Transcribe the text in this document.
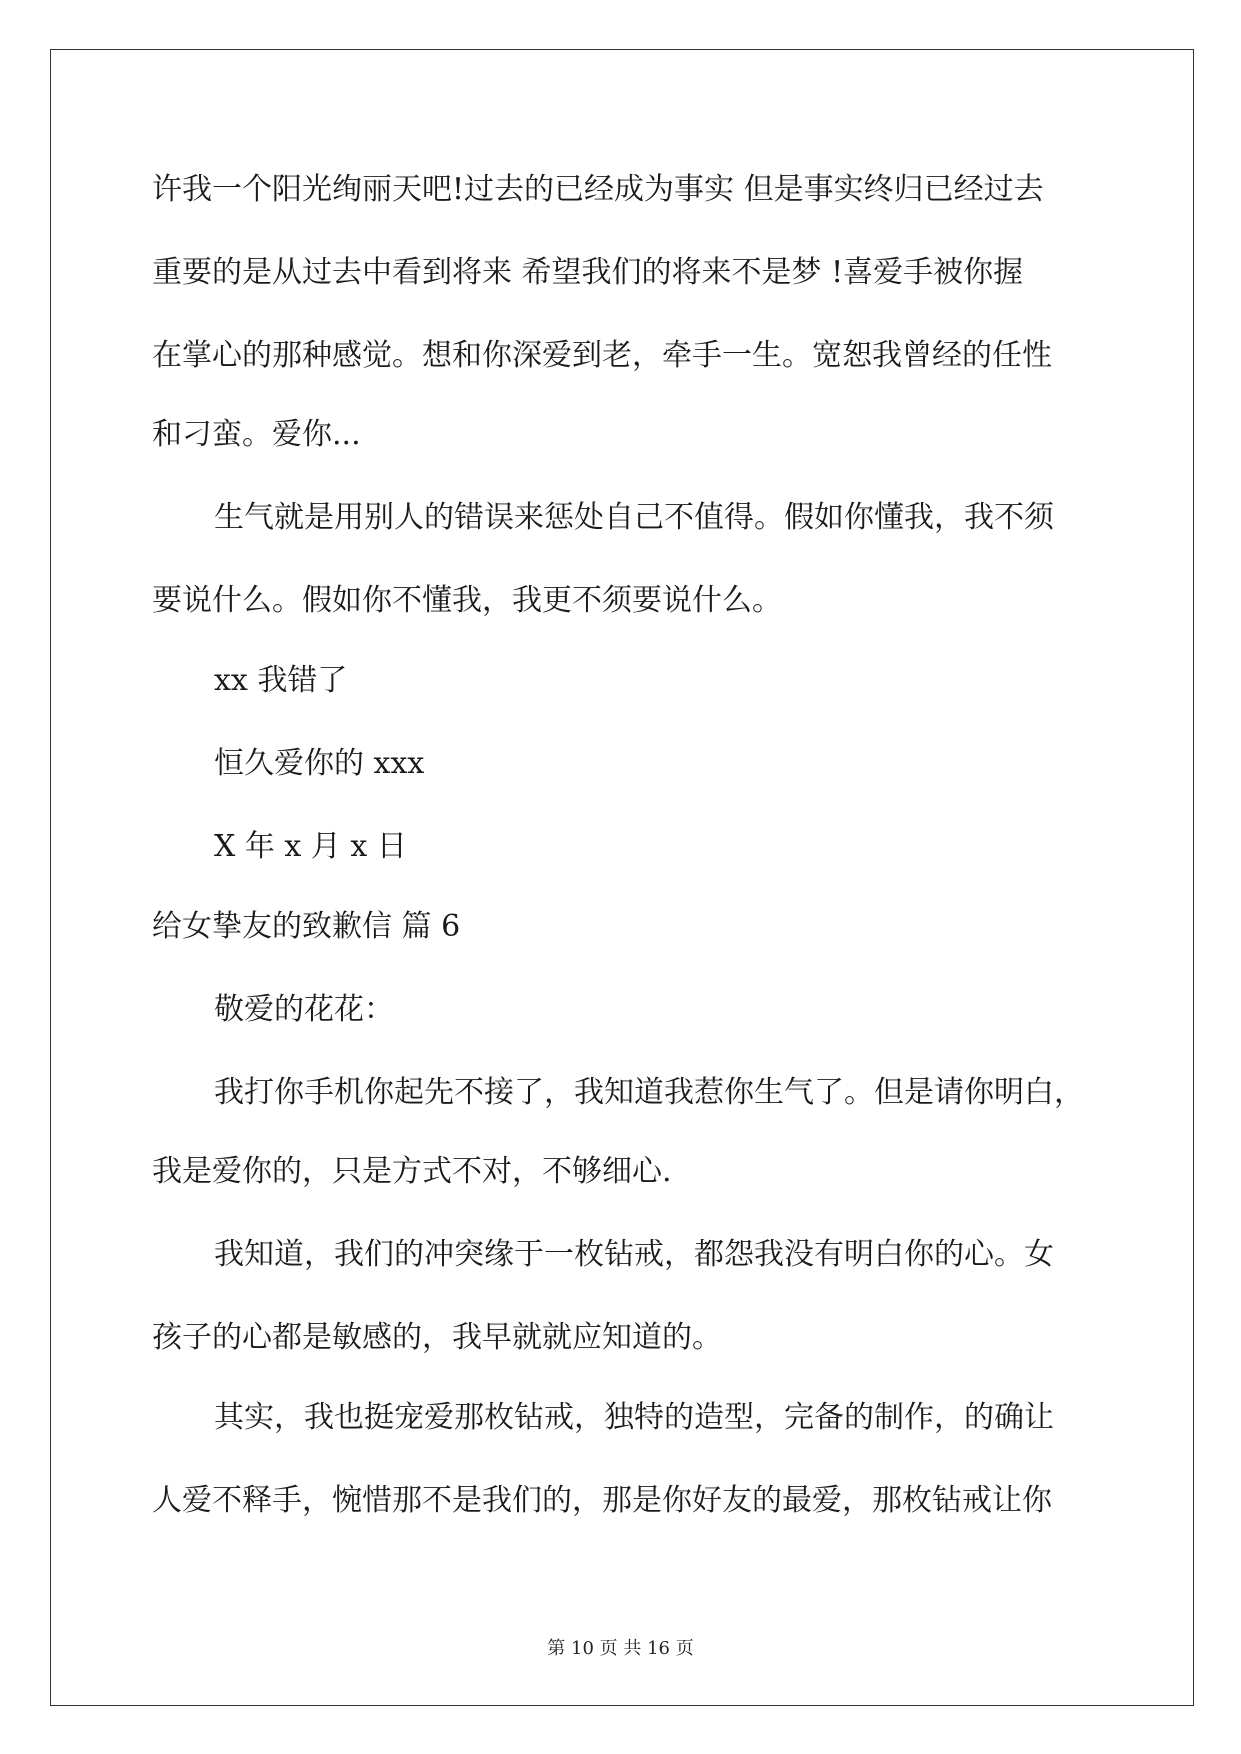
许我一个阳光绚丽天吧!过去的已经成为事实 但是事实终归已经过去
重要的是从过去中看到将来 希望我们的将来不是梦 !喜爱手被你握
在掌心的那种感觉。想和你深爱到老，牵手一生。宽恕我曾经的任性
和刁蛮。爱你...
生气就是用别人的错误来惩处自己不值得。假如你懂我，我不须
要说什么。假如你不懂我，我更不须要说什么。
xx 我错了
恒久爱你的 xxx
X 年 x 月 x 日
给女挚友的致歉信 篇 6
敬爱的花花：
我打你手机你起先不接了，我知道我惹你生气了。但是请你明白，
我是爱你的，只是方式不对，不够细心.
我知道，我们的冲突缘于一枚钻戒，都怨我没有明白你的心。女
孩子的心都是敏感的，我早就就应知道的。
其实，我也挺宠爱那枚钻戒，独特的造型，完备的制作，的确让
人爱不释手，惋惜那不是我们的，那是你好友的最爱，那枚钻戒让你
第 10 页 共 16 页
